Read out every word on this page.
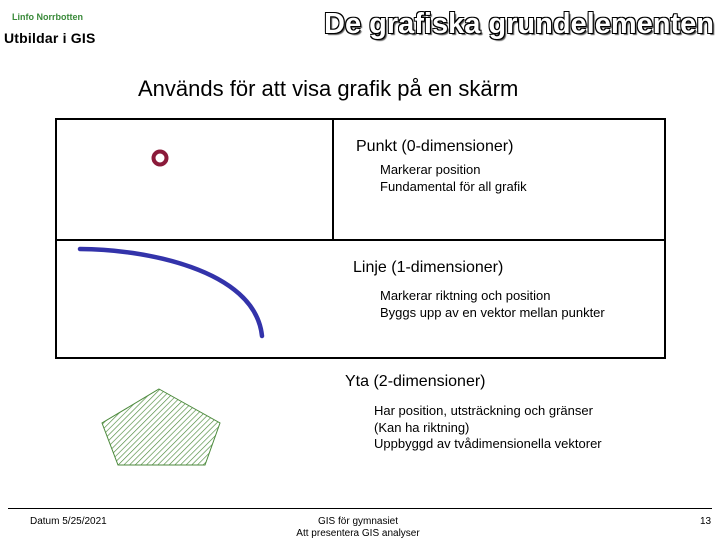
Linfo Norrbotten
Utbildar i GIS	De grafiska grundelementen
Används för att visa grafik på en skärm
Punkt (0-dimensioner)
Markerar position
Fundamental för all grafik
Linje (1-dimensioner)
Markerar riktning och position
Byggs upp av en vektor mellan punkter
Yta (2-dimensioner)
Har position, utsträckning och gränser
(Kan ha riktning)
Uppbyggd av tvådimensionella vektorer
Datum 5/25/2021	GIS för gymnasiet
Att presentera GIS analyser
13
